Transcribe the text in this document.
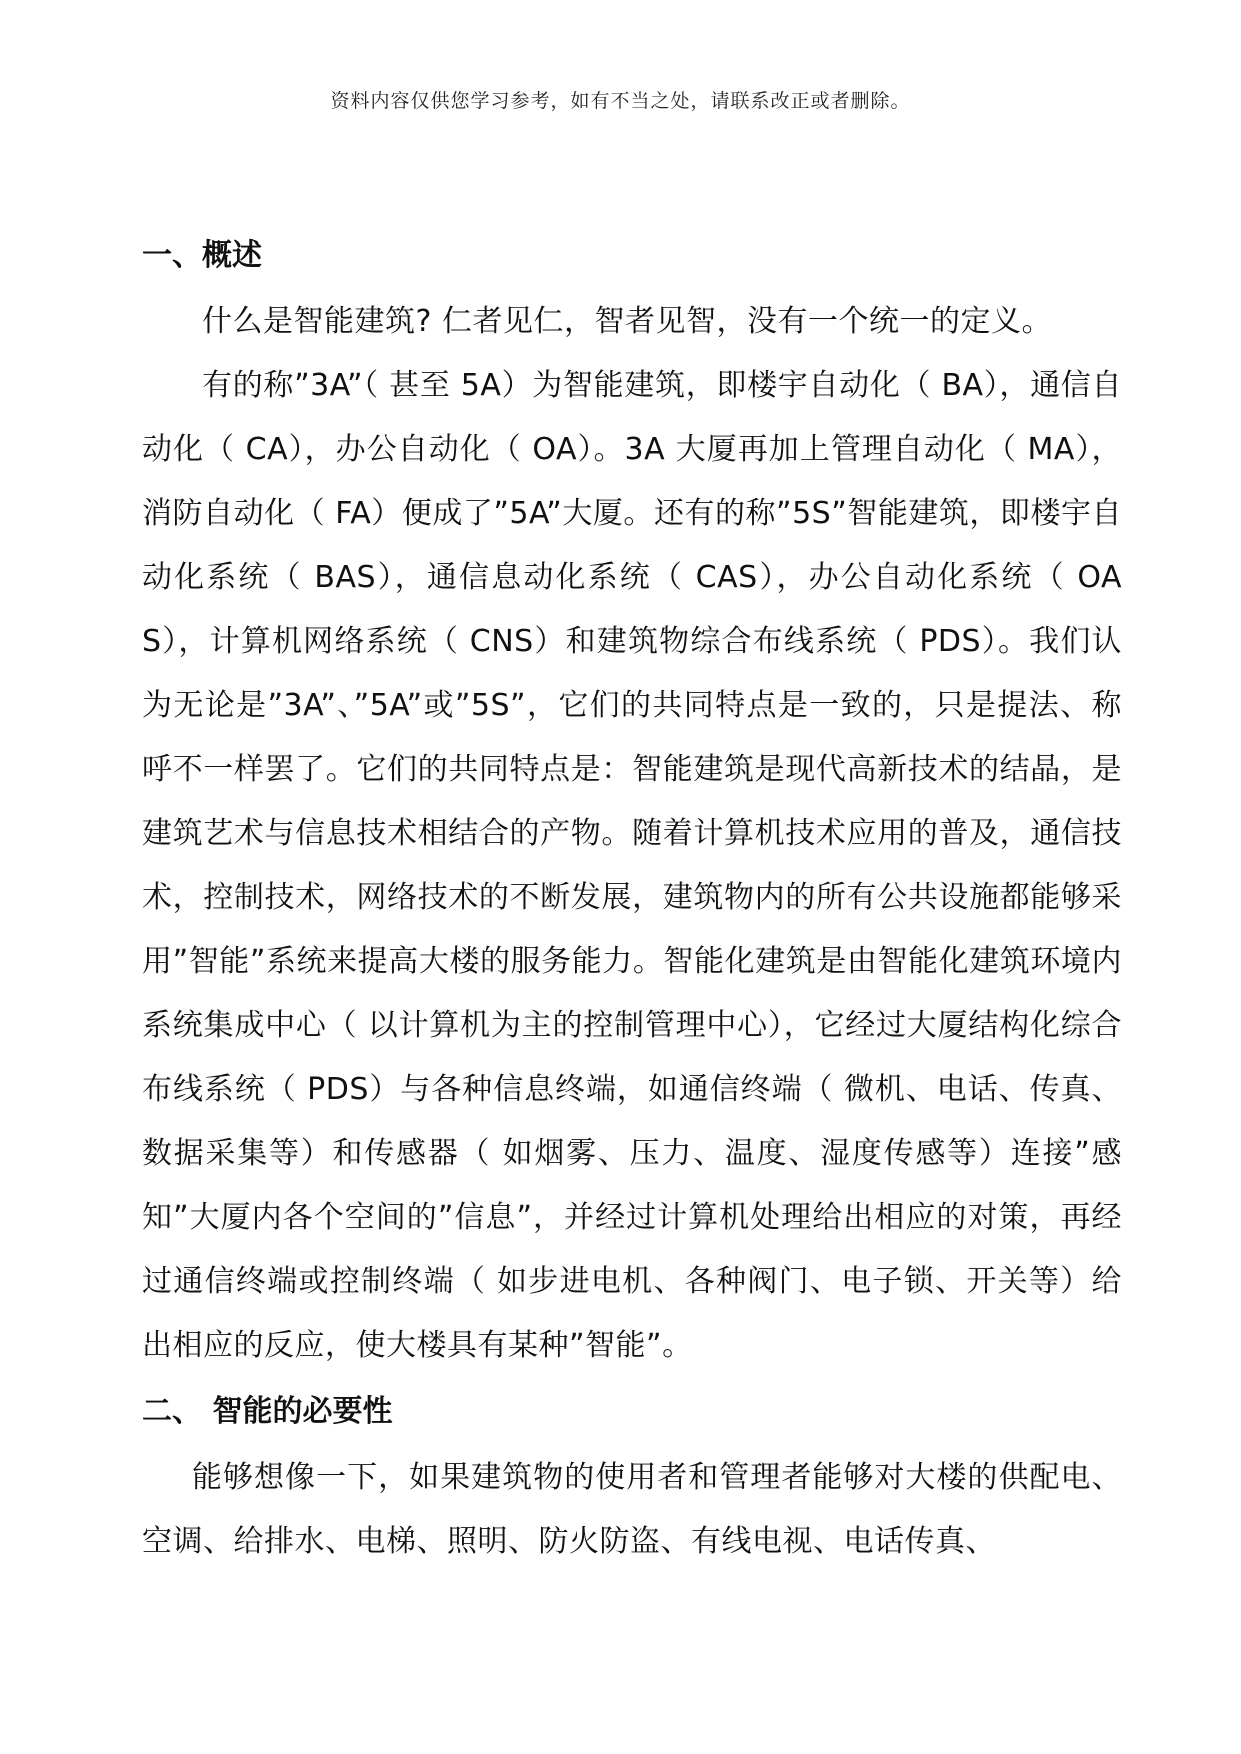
资料内容仅供您学习参考，如有不当之处，请联系改正或者删除。
一、概述

什么是智能建筑? 仁者见仁，智者见智，没有一个统一的定义。

有的称”3A”（ 甚至 5A）为智能建筑，即楼宇自动化（ BA），通信自动化（ CA），办公自动化（ OA）。3A 大厦再加上管理自动化（ MA），消防自动化（ FA）便成了”5A”大厦。还有的称”5S”智能建筑，即楼宇自动化系统（ BAS），通信息动化系统（ CAS），办公自动化系统（ OAS），计算机网络系统（ CNS）和建筑物综合布线系统（ PDS）。我们认为无论是”3A”、”5A”或”5S”，它们的共同特点是一致的，只是提法、称呼不一样罢了。它们的共同特点是：智能建筑是现代高新技术的结晶，是建筑艺术与信息技术相结合的产物。随着计算机技术应用的普及，通信技术，控制技术，网络技术的不断发展，建筑物内的所有公共设施都能够采用”智能”系统来提高大楼的服务能力。智能化建筑是由智能化建筑环境内系统集成中心（ 以计算机为主的控制管理中心），它经过大厦结构化综合布线系统（ PDS）与各种信息终端，如通信终端（ 微机、电话、传真、数据采集等）和传感器（ 如烟雾、压力、温度、湿度传感等）连接”感知”大厦内各个空间的”信息”，并经过计算机处理给出相应的对策，再经过通信终端或控制终端（ 如步进电机、各种阀门、电子锁、开关等）给出相应的反应，使大楼具有某种”智能”。

二、 智能的必要性

能够想像一下，如果建筑物的使用者和管理者能够对大楼的供配电、空调、给排水、电梯、照明、防火防盗、有线电视、电话传真、
